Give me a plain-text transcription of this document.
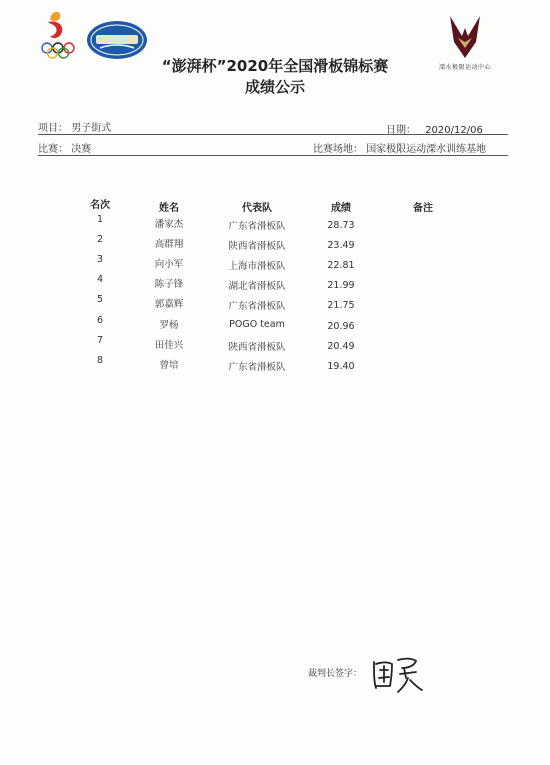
溧水极限运动中心
“澎湃杯”2020年全国滑板锦标赛
成绩公示
项目： 男子街式	日期： 2020/12/06
比赛： 决赛	比赛场地： 国家极限运动溧水训练基地
名次	姓名	代表队	成绩	备注
1	潘家杰	广东省滑板队	28.73
2	高群翔	陕西省滑板队	23.49
3	向小军	上海市滑板队	22.81
4	陈子锋	湖北省滑板队	21.99
5	郭嘉辉	广东省滑板队	21.75
6	罗杨	POGO team	20.96
7	田佳兴	陕西省滑板队	20.49
8	曾培	广东省滑板队	19.40
裁判长签字：
